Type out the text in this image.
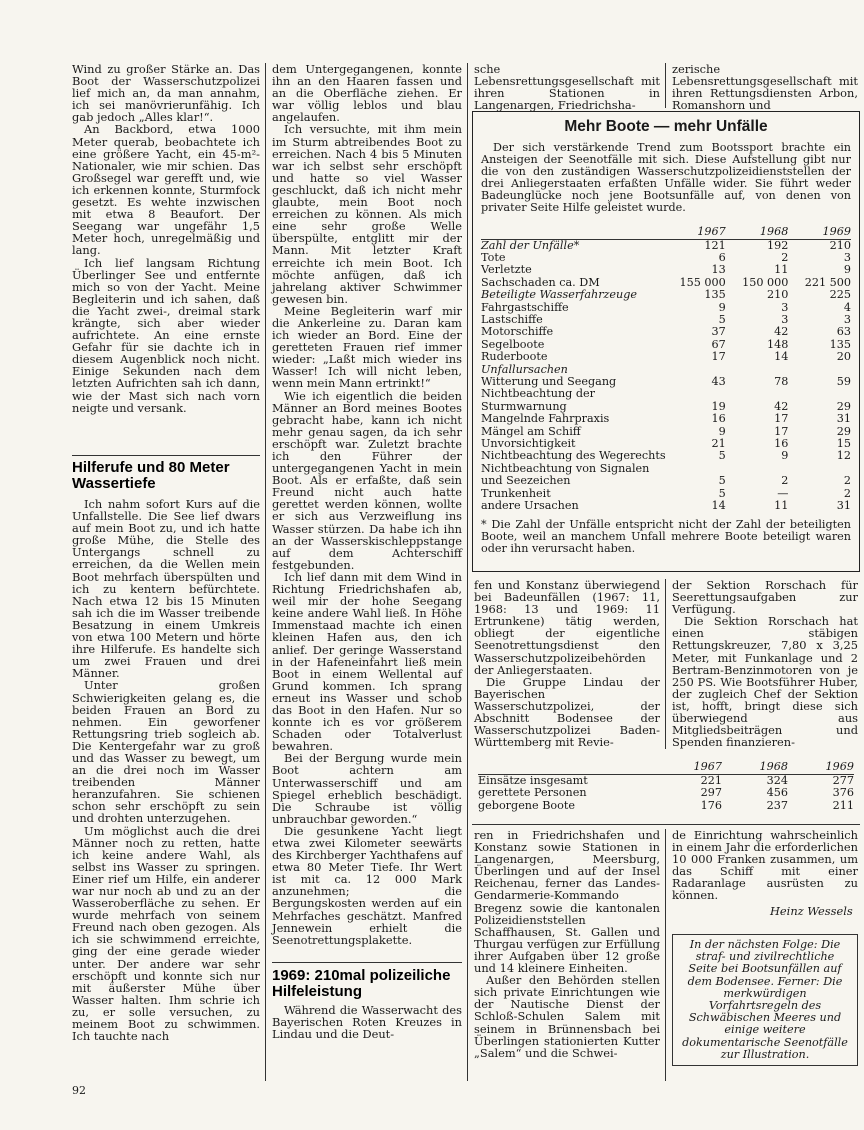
Wind zu großer Stärke an. Das Boot der Wasserschutzpolizei lief mich an, da man annahm, ich sei manövrierunfähig. Ich gab jedoch „Alles klar!“.

An Backbord, etwa 1000 Meter querab, beobachtete ich eine größere Yacht, ein 45-m²-Nationaler, wie mir schien. Das Großsegel war gerefft und, wie ich erkennen konnte, Sturmfock gesetzt. Es wehte inzwischen mit etwa 8 Beaufort. Der Seegang war ungefähr 1,5 Meter hoch, unregelmäßig und lang.

Ich lief langsam Richtung Überlinger See und entfernte mich so von der Yacht. Meine Begleiterin und ich sahen, daß die Yacht zwei-, dreimal stark krängte, sich aber wieder aufrichtete. An eine ernste Gefahr für sie dachte ich in diesem Augenblick noch nicht. Einige Sekunden nach dem letzten Aufrichten sah ich dann, wie der Mast sich nach vorn neigte und versank.

Hilferufe und 80 Meter Wassertiefe

Ich nahm sofort Kurs auf die Unfallstelle. Die See lief dwars auf mein Boot zu, und ich hatte große Mühe, die Stelle des Untergangs schnell zu erreichen, da die Wellen mein Boot mehrfach überspülten und ich zu kentern befürchtete. Nach etwa 12 bis 15 Minuten sah ich die im Wasser treibende Besatzung in einem Umkreis von etwa 100 Metern und hörte ihre Hilferufe. Es handelte sich um zwei Frauen und drei Männer.

Unter großen Schwierigkeiten gelang es, die beiden Frauen an Bord zu nehmen. Ein geworfener Rettungsring trieb sogleich ab. Die Kentergefahr war zu groß und das Wasser zu bewegt, um an die drei noch im Wasser treibenden Männer heranzufahren. Sie schienen schon sehr erschöpft zu sein und drohten unterzugehen.

Um möglichst auch die drei Männer noch zu retten, hatte ich keine andere Wahl, als selbst ins Wasser zu springen. Einer rief um Hilfe, ein anderer war nur noch ab und zu an der Wasseroberfläche zu sehen. Er wurde mehrfach von seinem Freund nach oben gezogen. Als ich sie schwimmend erreichte, ging der eine gerade wieder unter. Der andere war sehr erschöpft und konnte sich nur mit äußerster Mühe über Wasser halten. Ihm schrie ich zu, er solle versuchen, zu meinem Boot zu schwimmen. Ich tauchte nach

dem Untergegangenen, konnte ihn an den Haaren fassen und an die Oberfläche ziehen. Er war völlig leblos und blau angelaufen.

Ich versuchte, mit ihm mein im Sturm abtreibendes Boot zu erreichen. Nach 4 bis 5 Minuten war ich selbst sehr erschöpft und hatte so viel Wasser geschluckt, daß ich nicht mehr glaubte, mein Boot noch erreichen zu können. Als mich eine sehr große Welle überspülte, entglitt mir der Mann. Mit letzter Kraft erreichte ich mein Boot. Ich möchte anfügen, daß ich jahrelang aktiver Schwimmer gewesen bin.

Meine Begleiterin warf mir die Ankerleine zu. Daran kam ich wieder an Bord. Eine der geretteten Frauen rief immer wieder: „Laßt mich wieder ins Wasser! Ich will nicht leben, wenn mein Mann ertrinkt!“

Wie ich eigentlich die beiden Männer an Bord meines Bootes gebracht habe, kann ich nicht mehr genau sagen, da ich sehr erschöpft war. Zuletzt brachte ich den Führer der untergegangenen Yacht in mein Boot. Als er erfaßte, daß sein Freund nicht auch hatte gerettet werden können, wollte er sich aus Verzweiflung ins Wasser stürzen. Da habe ich ihn an der Wasserskischleppstange auf dem Achterschiff festgebunden.

Ich lief dann mit dem Wind in Richtung Friedrichshafen ab, weil mir der hohe Seegang keine andere Wahl ließ. In Höhe Immenstaad machte ich einen kleinen Hafen aus, den ich anlief. Der geringe Wasserstand in der Hafeneinfahrt ließ mein Boot in einem Wellental auf Grund kommen. Ich sprang erneut ins Wasser und schob das Boot in den Hafen. Nur so konnte ich es vor größerem Schaden oder Totalverlust bewahren.

Bei der Bergung wurde mein Boot achtern am Unterwasserschiff und am Spiegel erheblich beschädigt. Die Schraube ist völlig unbrauchbar geworden.“

Die gesunkene Yacht liegt etwa zwei Kilometer seewärts des Kirchberger Yachthafens auf etwa 80 Meter Tiefe. Ihr Wert ist mit ca. 12 000 Mark anzunehmen; die Bergungskosten werden auf ein Mehrfaches geschätzt. Manfred Jennewein erhielt die Seenotrettungsplakette.

1969: 210mal polizeiliche Hilfeleistung

Während die Wasserwacht des Bayerischen Roten Kreuzes in Lindau und die Deut-

sche Lebensrettungsgesellschaft mit ihren Stationen in Langenargen, Friedrichsha-

zerische Lebensrettungsgesellschaft mit ihren Rettungsdiensten Arbon, Romanshorn und

Mehr Boote — mehr Unfälle

Der sich verstärkende Trend zum Bootssport brachte ein Ansteigen der Seenotfälle mit sich. Diese Aufstellung gibt nur die von den zuständigen Wasserschutzpolizeidienststellen der drei Anliegerstaaten erfaßten Unfälle wider. Sie führt weder Badeunglücke noch jene Bootsunfälle auf, von denen von privater Seite Hilfe geleistet wurde.

	1967	1968	1969
Zahl der Unfälle*	121	192	210
Tote	6	2	3
Verletzte	13	11	9
Sachschaden ca. DM	155 000	150 000	221 500
Beteiligte Wasserfahrzeuge	135	210	225
Fahrgastschiffe	9	3	4
Lastschiffe	5	3	3
Motorschiffe	37	42	63
Segelboote	67	148	135
Ruderboote	17	14	20
Unfallursachen			
Witterung und Seegang	43	78	59
Nichtbeachtung der			
Sturmwarnung	19	42	29
Mangelnde Fahrpraxis	16	17	31
Mängel am Schiff	9	17	29
Unvorsichtigkeit	21	16	15
Nichtbeachtung des Wegerechts	5	9	12
Nichtbeachtung von Signalen			
und Seezeichen	5	2	2
Trunkenheit	5	—	2
andere Ursachen	14	11	31

* Die Zahl der Unfälle entspricht nicht der Zahl der beteiligten Boote, weil an manchem Unfall mehrere Boote beteiligt waren oder ihn verursacht haben.

fen und Konstanz überwiegend bei Badeunfällen (1967: 11, 1968: 13 und 1969: 11 Ertrunkene) tätig werden, obliegt der eigentliche Seenotrettungsdienst den Wasserschutzpolizeibehörden der Anliegerstaaten.

Die Gruppe Lindau der Bayerischen Wasserschutzpolizei, der Abschnitt Bodensee der Wasserschutzpolizei Baden-Württemberg mit Revie-

der Sektion Rorschach für Seerettungsaufgaben zur Verfügung.

Die Sektion Rorschach hat einen stäbigen Rettungskreuzer, 7,80 x 3,25 Meter, mit Funkanlage und 2 Bertram-Benzinmotoren von je 250 PS. Wie Bootsführer Huber, der zugleich Chef der Sektion ist, hofft, bringt diese sich überwiegend aus Mitgliedsbeiträgen und Spenden finanzieren-

	1967	1968	1969
Einsätze insgesamt	221	324	277
gerettete Personen	297	456	376
geborgene Boote	176	237	211

ren in Friedrichshafen und Konstanz sowie Stationen in Langenargen, Meersburg, Überlingen und auf der Insel Reichenau, ferner das Landes-Gendarmerie-Kommando Bregenz sowie die kantonalen Polizeidienststellen Schaffhausen, St. Gallen und Thurgau verfügen zur Erfüllung ihrer Aufgaben über 12 große und 14 kleinere Einheiten.

Außer den Behörden stellen sich private Einrichtungen wie der Nautische Dienst der Schloß-Schulen Salem mit seinem in Brünnensbach bei Überlingen stationierten Kutter „Salem“ und die Schwei-

de Einrichtung wahrscheinlich in einem Jahr die erforderlichen 10 000 Franken zusammen, um das Schiff mit einer Radaranlage ausrüsten zu können.

Heinz Wessels
In der nächsten Folge: Die straf- und zivilrechtliche Seite bei Bootsunfällen auf dem Bodensee. Ferner: Die merkwürdigen Vorfahrtsregeln des Schwäbischen Meeres und einige weitere dokumentarische Seenotfälle zur Illustration.
92
